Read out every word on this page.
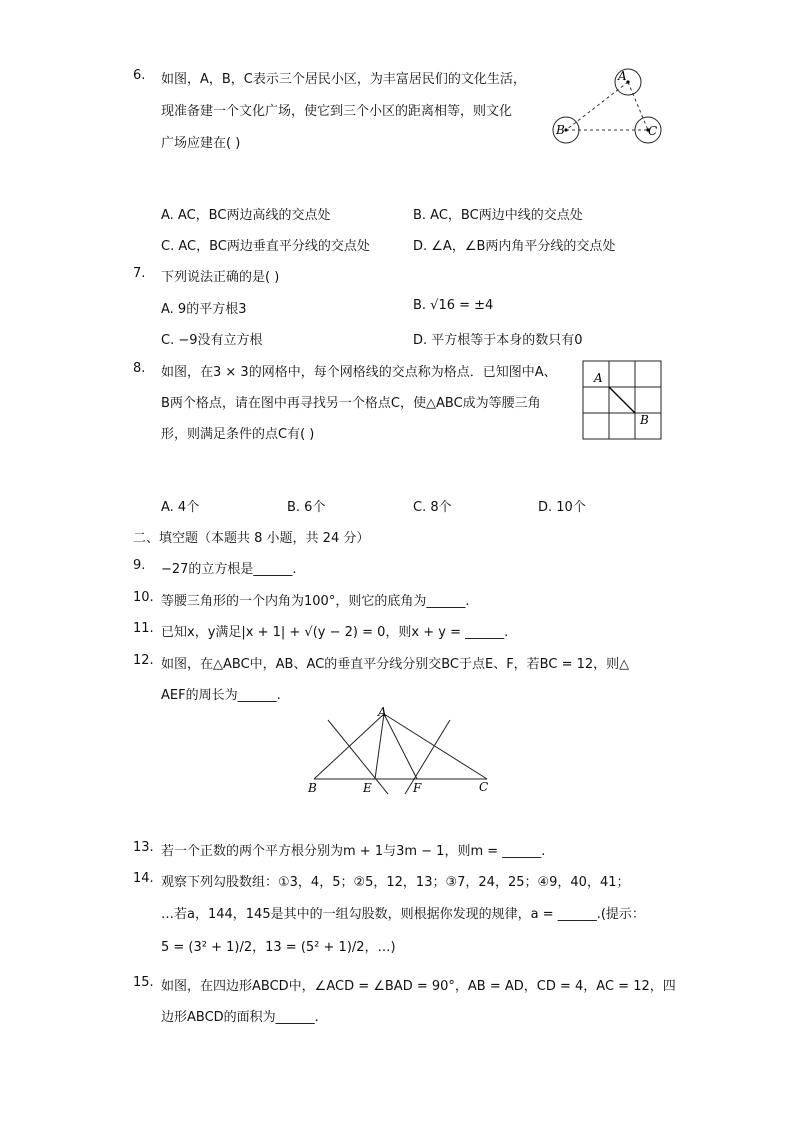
6. 如图，A，B，C表示三个居民小区，为丰富居民们的文化生活，
现准备建一个文化广场，使它到三个小区的距离相等，则文化
广场应建在( )
A
B	C
A. AC，BC两边高线的交点处	B. AC，BC两边中线的交点处
C. AC，BC两边垂直平分线的交点处	D. ∠A，∠B两内角平分线的交点处
7. 下列说法正确的是( )
A. 9的平方根3	B. √16 = ±4
C. −9没有立方根	D. 平方根等于本身的数只有0
8. 如图，在3 × 3的网格中，每个网格线的交点称为格点．已知图中A、
B两个格点，请在图中再寻找另一个格点C，使△ABC成为等腰三角
形，则满足条件的点C有( )
A
B
A. 4个	B. 6个	C. 8个	D. 10个
二、填空题（本题共 8 小题，共 24 分）
9. −27的立方根是______.
10. 等腰三角形的一个内角为100°，则它的底角为______.
11. 已知x，y满足|x + 1| + √(y − 2) = 0，则x + y = ______.
12. 如图，在△ABC中，AB、AC的垂直平分线分别交BC于点E、F，若BC = 12，则△
AEF的周长为______.
A
B	E	F	C
13. 若一个正数的两个平方根分别为m + 1与3m − 1，则m = ______.
14. 观察下列勾股数组：①3，4，5；②5，12，13；③7，24，25；④9，40，41；
…若a，144，145是其中的一组勾股数，则根据你发现的规律，a = ______.(提示：
5 = (3² + 1)/2，13 = (5² + 1)/2，…)
15. 如图，在四边形ABCD中，∠ACD = ∠BAD = 90°，AB = AD，CD = 4，AC = 12，四
边形ABCD的面积为______.
